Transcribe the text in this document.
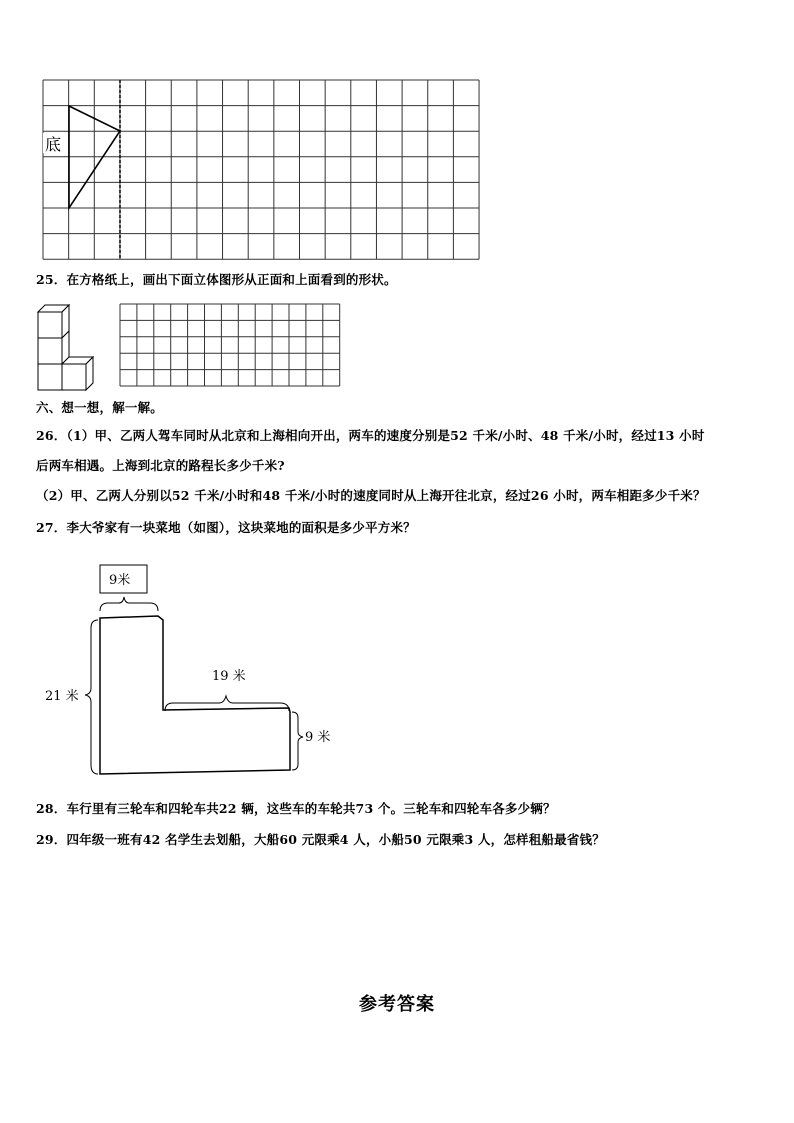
底
25．在方格纸上，画出下面立体图形从正面和上面看到的形状。
六、想一想，解一解。
26．（1）甲、乙两人驾车同时从北京和上海相向开出，两车的速度分别是52 千米/小时、48 千米/小时，经过13 小时
后两车相遇。上海到北京的路程长多少千米?
（2）甲、乙两人分别以52 千米/小时和48 千米/小时的速度同时从上海开往北京，经过26 小时，两车相距多少千米？
27．李大爷家有一块菜地（如图），这块菜地的面积是多少平方米？
9米
21 米
19 米
9 米
28．车行里有三轮车和四轮车共22 辆，这些车的车轮共73 个。三轮车和四轮车各多少辆？
29．四年级一班有42 名学生去划船，大船60 元限乘4 人，小船50 元限乘3 人，怎样租船最省钱？
参考答案
